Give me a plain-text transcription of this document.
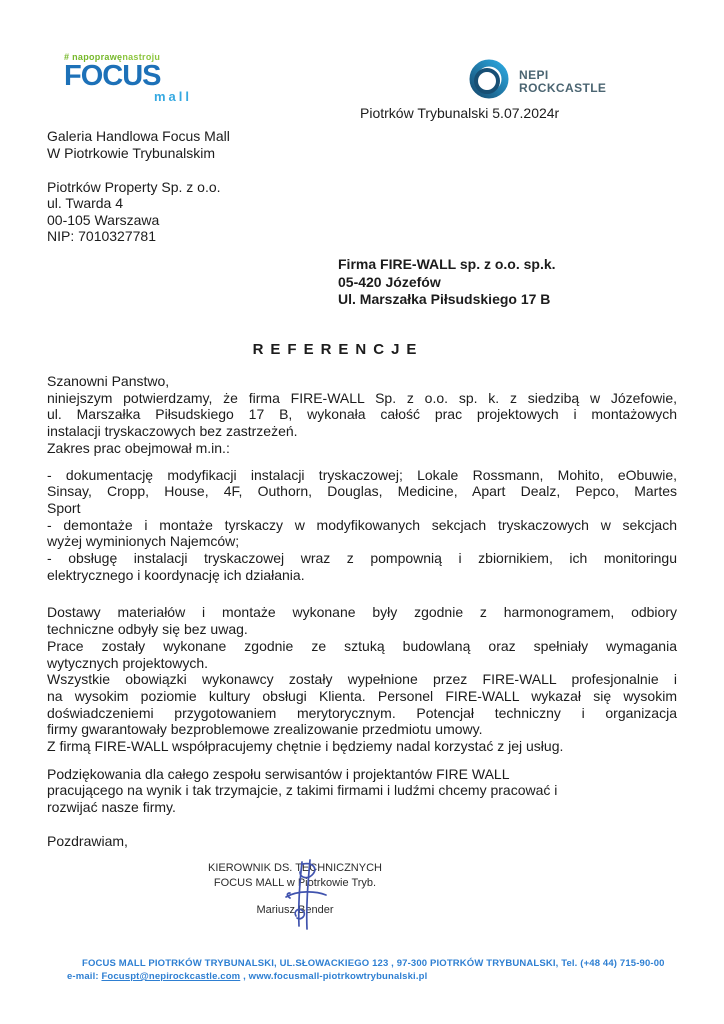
# napoprawęnastroju
FOCUS
mall
NEPI
ROCKCASTLE
Piotrków Trybunalski 5.07.2024r
Galeria Handlowa Focus Mall
W Piotrkowie Trybunalskim
Piotrków Property Sp. z o.o.
ul. Twarda 4
00-105 Warszawa
NIP: 7010327781
Firma FIRE-WALL sp. z o.o. sp.k.
05-420 Józefów
Ul. Marszałka Piłsudskiego 17 B
REFERENCJE
Szanowni Panstwo,
niniejszym potwierdzamy, że firma FIRE-WALL Sp. z o.o. sp. k. z siedzibą w Józefowie,
ul. Marszałka Piłsudskiego 17 B, wykonała całość prac projektowych i montażowych
instalacji tryskaczowych bez zastrzeżeń.
Zakres prac obejmował m.in.:
- dokumentację modyfikacji instalacji tryskaczowej; Lokale Rossmann, Mohito, eObuwie,
Sinsay, Cropp, House, 4F, Outhorn, Douglas, Medicine, Apart Dealz, Pepco, Martes
Sport
- demontaże i montaże tyrskaczy w modyfikowanych sekcjach tryskaczowych w sekcjach
wyżej wyminionych Najemców;
- obsługę instalacji tryskaczowej wraz z pompownią i zbiornikiem, ich monitoringu
elektrycznego i koordynację ich działania.
Dostawy materiałów i montaże wykonane były zgodnie z harmonogramem, odbiory
techniczne odbyły się bez uwag.
Prace zostały wykonane zgodnie ze sztuką budowlaną oraz spełniały wymagania
wytycznych projektowych.
Wszystkie obowiązki wykonawcy zostały wypełnione przez FIRE-WALL profesjonalnie i
na wysokim poziomie kultury obsługi Klienta. Personel FIRE-WALL wykazał się wysokim
doświadczeniemi przygotowaniem merytorycznym. Potencjał techniczny i organizacja
firmy gwarantowały bezproblemowe zrealizowanie przedmiotu umowy.
Z firmą FIRE-WALL współpracujemy chętnie i będziemy nadal korzystać z jej usług.
Podziękowania dla całego zespołu serwisantów i projektantów FIRE WALL
pracującego na wynik i tak trzymajcie, z takimi firmami i ludźmi chcemy pracować i
rozwijać nasze firmy.
Pozdrawiam,
KIEROWNIK DS. TECHNICZNYCH
FOCUS MALL w Piotrkowie Tryb.
Mariusz Bender
FOCUS MALL PIOTRKÓW TRYBUNALSKI, UL.SŁOWACKIEGO 123 , 97-300 PIOTRKÓW TRYBUNALSKI, Tel. (+48 44) 715-90-00
e-mail: Focuspt@nepirockcastle.com , www.focusmall-piotrkowtrybunalski.pl
